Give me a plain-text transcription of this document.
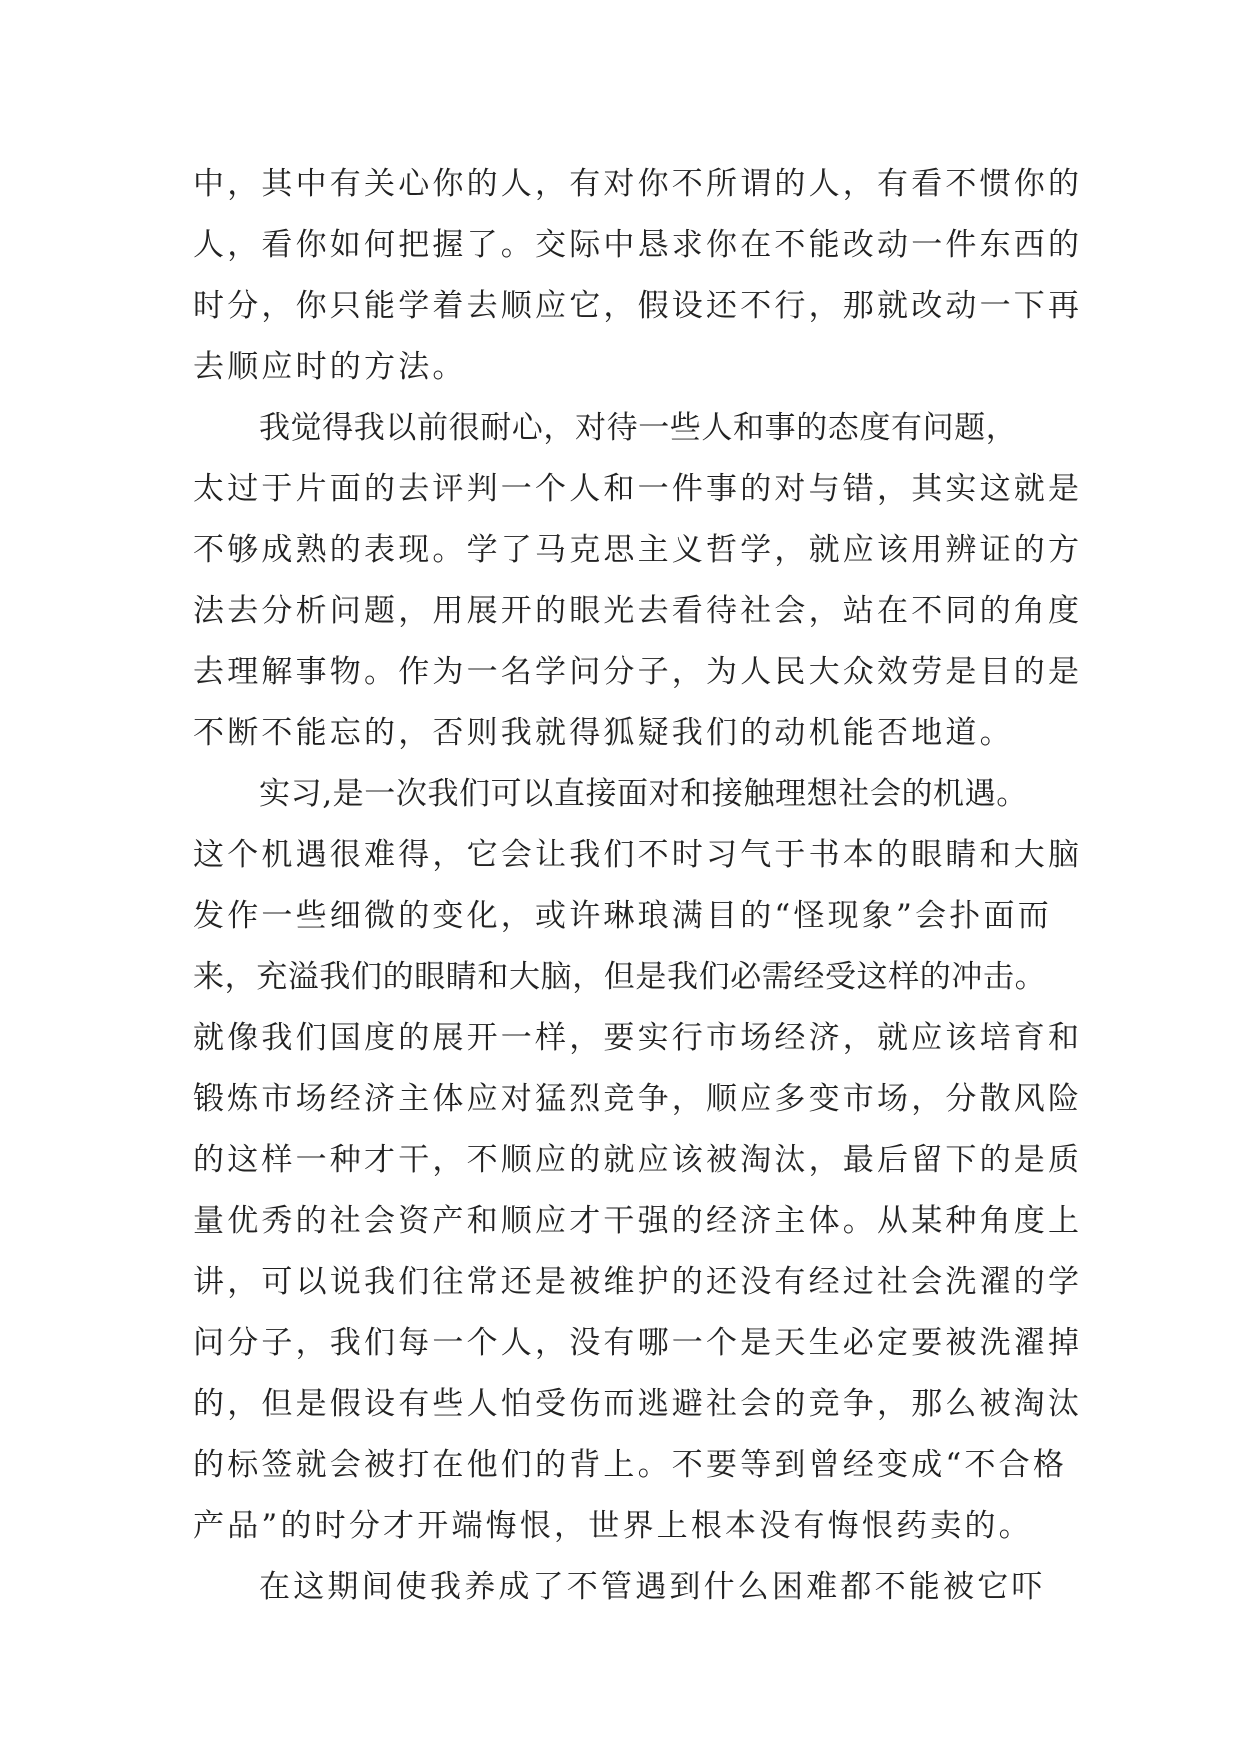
中，其中有关心你的人，有对你不所谓的人，有看不惯你的
人，看你如何把握了。交际中恳求你在不能改动一件东西的
时分，你只能学着去顺应它，假设还不行，那就改动一下再
去顺应时的方法。
我觉得我以前很耐心，对待一些人和事的态度有问题，
太过于片面的去评判一个人和一件事的对与错，其实这就是
不够成熟的表现。学了马克思主义哲学，就应该用辨证的方
法去分析问题，用展开的眼光去看待社会，站在不同的角度
去理解事物。作为一名学问分子，为人民大众效劳是目的是
不断不能忘的，否则我就得狐疑我们的动机能否地道。
实习,是一次我们可以直接面对和接触理想社会的机遇。
这个机遇很难得，它会让我们不时习气于书本的眼睛和大脑
发作一些细微的变化，或许琳琅满目的“怪现象”会扑面而
来，充溢我们的眼睛和大脑，但是我们必需经受这样的冲击。
就像我们国度的展开一样，要实行市场经济，就应该培育和
锻炼市场经济主体应对猛烈竞争，顺应多变市场，分散风险
的这样一种才干，不顺应的就应该被淘汰，最后留下的是质
量优秀的社会资产和顺应才干强的经济主体。从某种角度上
讲，可以说我们往常还是被维护的还没有经过社会洗濯的学
问分子，我们每一个人，没有哪一个是天生必定要被洗濯掉
的，但是假设有些人怕受伤而逃避社会的竞争，那么被淘汰
的标签就会被打在他们的背上。不要等到曾经变成“不合格
产品”的时分才开端悔恨，世界上根本没有悔恨药卖的。
在这期间使我养成了不管遇到什么困难都不能被它吓
